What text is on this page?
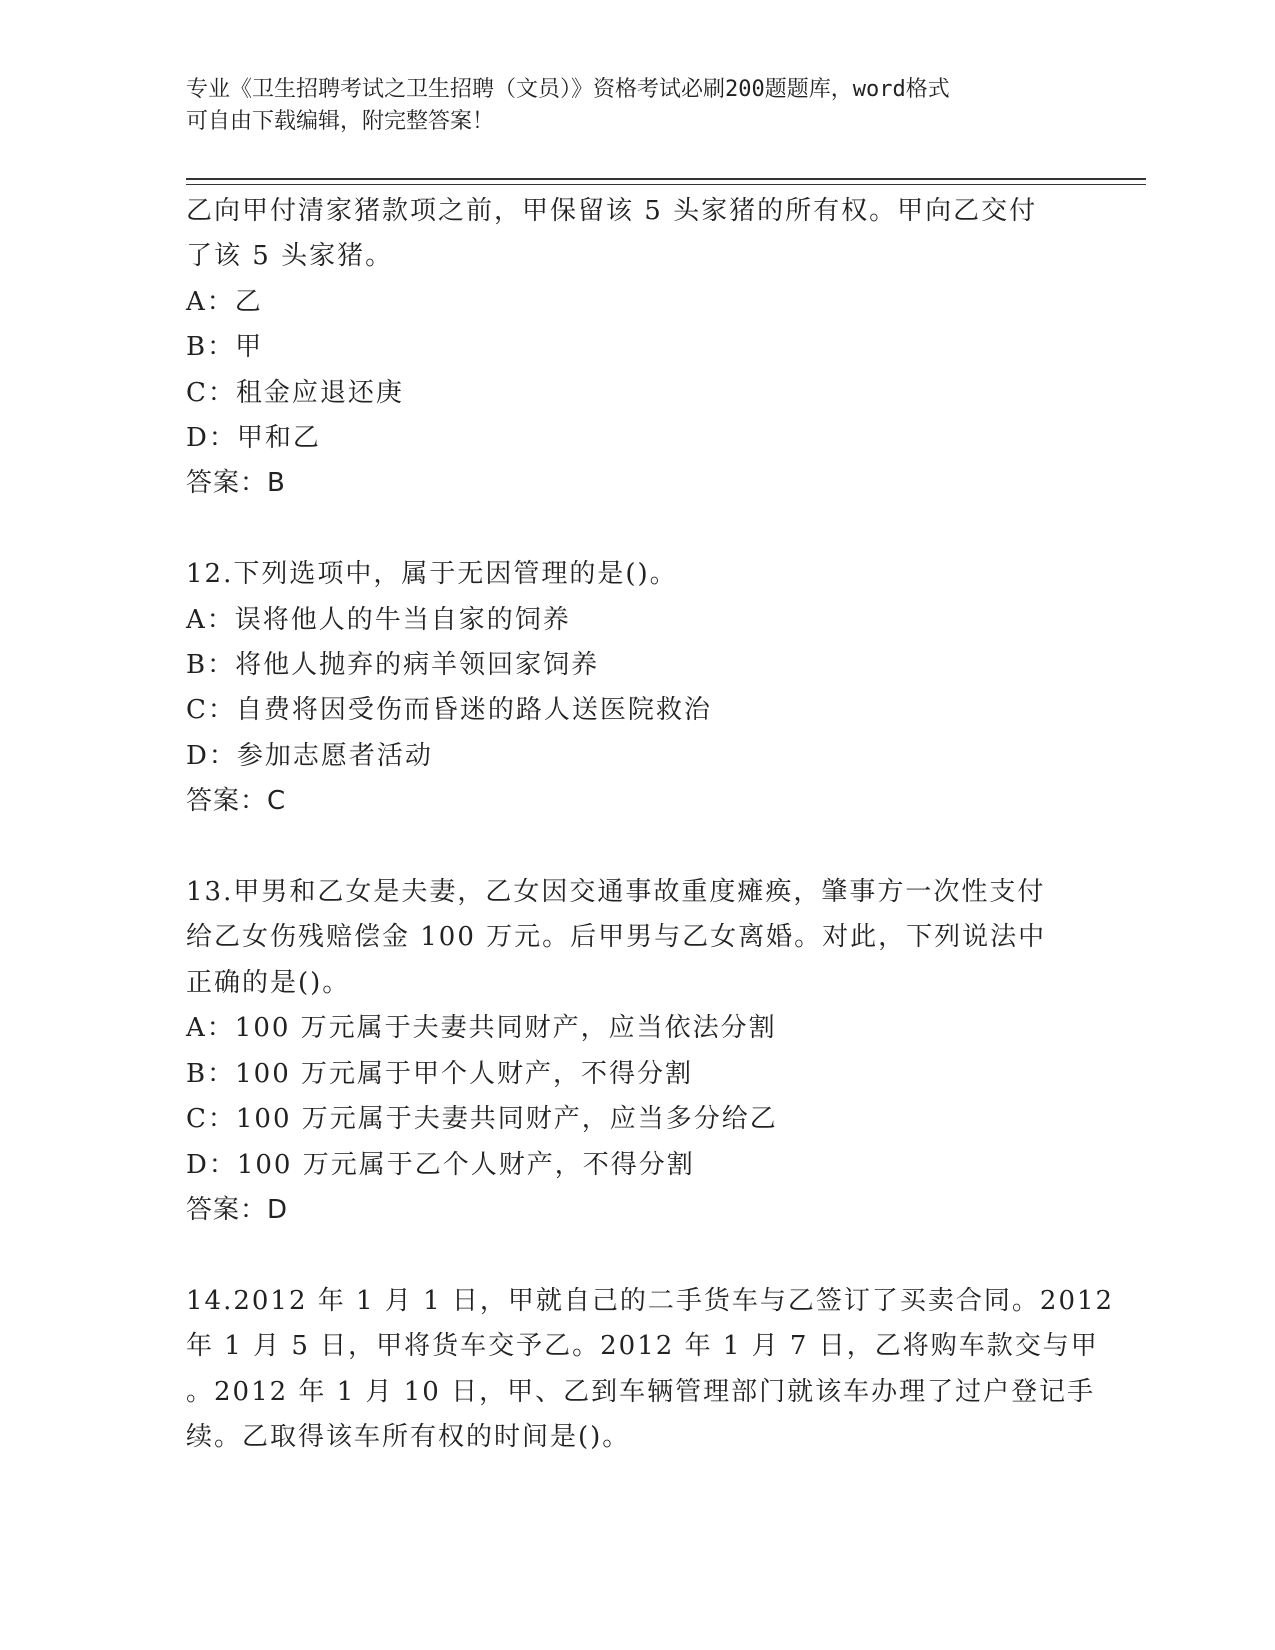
专业《卫生招聘考试之卫生招聘（文员）》资格考试必刷200题题库，word格式
可自由下载编辑，附完整答案！
乙向甲付清家猪款项之前，甲保留该 5 头家猪的所有权。甲向乙交付
了该 5 头家猪。
A：乙
B：甲
C：租金应退还庚
D：甲和乙
答案：B
12.下列选项中，属于无因管理的是()。
A：误将他人的牛当自家的饲养
B：将他人抛弃的病羊领回家饲养
C：自费将因受伤而昏迷的路人送医院救治
D：参加志愿者活动
答案：C
13.甲男和乙女是夫妻，乙女因交通事故重度瘫痪，肇事方一次性支付
给乙女伤残赔偿金 100 万元。后甲男与乙女离婚。对此，下列说法中
正确的是()。
A：100 万元属于夫妻共同财产，应当依法分割
B：100 万元属于甲个人财产，不得分割
C：100 万元属于夫妻共同财产，应当多分给乙
D：100 万元属于乙个人财产，不得分割
答案：D
14.2012 年 1 月 1 日，甲就自己的二手货车与乙签订了买卖合同。2012
年 1 月 5 日，甲将货车交予乙。2012 年 1 月 7 日，乙将购车款交与甲
。2012 年 1 月 10 日，甲、乙到车辆管理部门就该车办理了过户登记手
续。乙取得该车所有权的时间是()。
